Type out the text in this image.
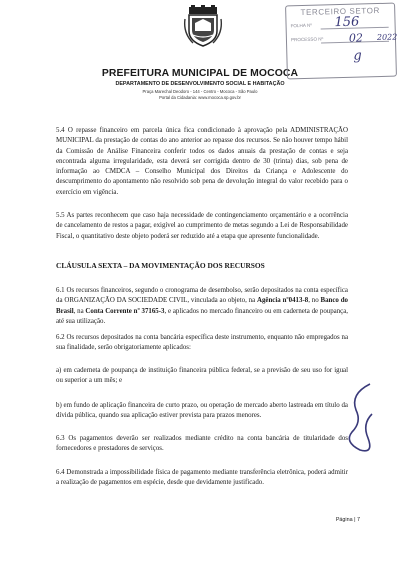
PREFEITURA MUNICIPAL DE MOCOCA
DEPARTAMENTO DE DESENVOLVIMENTO SOCIAL E HABITAÇÃO
Praça Marechal Deodoro - 144 - Centro - Mococa - São Paulo
Portal da Cidadania: www.mococa.sp.gov.br
TERCEIRO SETOR
FOLHA Nº
PROCESSO Nº
156
02 2022
g
5.4 O repasse financeiro em parcela única fica condicionado à aprovação pela ADMINISTRAÇÃO MUNICIPAL da prestação de contas do ano anterior ao repasse dos recursos. Se não houver tempo hábil da Comissão de Análise Financeira conferir todos os dados anuais da prestação de contas e seja encontrada alguma irregularidade, esta deverá ser corrigida dentro de 30 (trinta) dias, sob pena de informação ao CMDCA – Conselho Municipal dos Direitos da Criança e Adolescente do descumprimento do apontamento não resolvido sob pena de devolução integral do valor recebido para o exercício em vigência.
5.5 As partes reconhecem que caso haja necessidade de contingenciamento orçamentário e a ocorrência de cancelamento de restos a pagar, exigível ao cumprimento de metas segundo a Lei de Responsabilidade Fiscal, o quantitativo deste objeto poderá ser reduzido até a etapa que apresente funcionalidade.
CLÁUSULA SEXTA – DA MOVIMENTAÇÃO DOS RECURSOS
6.1 Os recursos financeiros, segundo o cronograma de desembolso, serão depositados na conta específica da ORGANIZAÇÃO DA SOCIEDADE CIVIL, vinculada ao objeto, na Agência nº0413-8, no Banco do Brasil, na Conta Corrente nº 37165-3, e aplicados no mercado financeiro ou em caderneta de poupança, até sua utilização.
6.2 Os recursos depositados na conta bancária específica deste instrumento, enquanto não empregados na sua finalidade, serão obrigatoriamente aplicados:
a) em caderneta de poupança de instituição financeira pública federal, se a previsão de seu uso for igual ou superior a um mês; e
b) em fundo de aplicação financeira de curto prazo, ou operação de mercado aberto lastreada em título da dívida pública, quando sua aplicação estiver prevista para prazos menores.
6.3 Os pagamentos deverão ser realizados mediante crédito na conta bancária de titularidade dos fornecedores e prestadores de serviços.
6.4 Demonstrada a impossibilidade física de pagamento mediante transferência eletrônica, poderá admitir a realização de pagamentos em espécie, desde que devidamente justificado.
Página | 7
